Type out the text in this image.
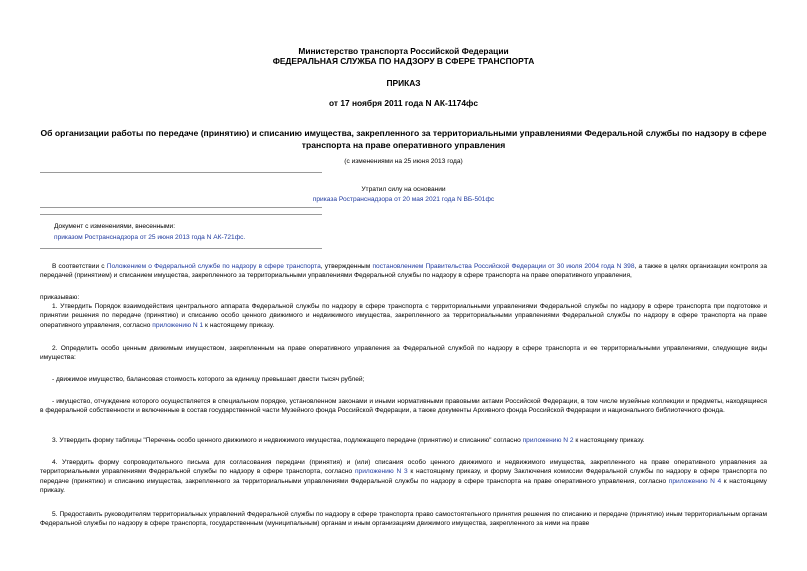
Министерство транспорта Российской Федерации
ФЕДЕРАЛЬНАЯ СЛУЖБА ПО НАДЗОРУ В СФЕРЕ ТРАНСПОРТА
ПРИКАЗ
от 17 ноября 2011 года N АК-1174фс
Об организации работы по передаче (принятию) и списанию имущества, закрепленного за территориальными управлениями Федеральной службы по надзору в сфере транспорта на праве оперативного управления
(с изменениями на 25 июня 2013 года)
Утратил силу на основании
приказа Ространснадзора от 20 мая 2021 года N ВБ-501фс
Документ с изменениями, внесенными:
приказом Ространснадзора от 25 июня 2013 года N АК-721фс.
В соответствии с Положением о Федеральной службе по надзору в сфере транспорта, утвержденным постановлением Правительства Российской Федерации от 30 июля 2004 года N 398, а также в целях организации контроля за передачей (принятием) и списанием имущества, закрепленного за территориальными управлениями Федеральной службы по надзору в сфере транспорта на праве оперативного управления,
приказываю:
1. Утвердить Порядок взаимодействия центрального аппарата Федеральной службы по надзору в сфере транспорта с территориальными управлениями Федеральной службы по надзору в сфере транспорта при подготовке и принятии решения по передаче (принятию) и списанию особо ценного движимого и недвижимого имущества, закрепленного за территориальными управлениями Федеральной службы по надзору в сфере транспорта на праве оперативного управления, согласно приложению N 1 к настоящему приказу.
2. Определить особо ценным движимым имуществом, закрепленным на праве оперативного управления за Федеральной службой по надзору в сфере транспорта и ее территориальными управлениями, следующие виды имущества:
- движимое имущество, балансовая стоимость которого за единицу превышает двести тысяч рублей;
- имущество, отчуждение которого осуществляется в специальном порядке, установленном законами и иными нормативными правовыми актами Российской Федерации, в том числе музейные коллекции и предметы, находящиеся в федеральной собственности и включенные в состав государственной части Музейного фонда Российской Федерации, а также документы Архивного фонда Российской Федерации и национального библиотечного фонда.
3. Утвердить форму таблицы "Перечень особо ценного движимого и недвижимого имущества, подлежащего передаче (принятию) и списанию" согласно приложению N 2 к настоящему приказу.
4. Утвердить форму сопроводительного письма для согласования передачи (принятия) и (или) списания особо ценного движимого и недвижимого имущества, закрепленного на праве оперативного управления за территориальными управлениями Федеральной службы по надзору в сфере транспорта, согласно приложению N 3 к настоящему приказу, и форму Заключения комиссии Федеральной службы по надзору в сфере транспорта по передаче (принятию) и списанию имущества, закрепленного за территориальными управлениями Федеральной службы по надзору в сфере транспорта на праве оперативного управления, согласно приложению N 4 к настоящему приказу.
5. Предоставить руководителям территориальных управлений Федеральной службы по надзору в сфере транспорта право самостоятельного принятия решения по списанию и передаче (принятию) иным территориальным органам Федеральной службы по надзору в сфере транспорта, государственным (муниципальным) органам и иным организациям движимого имущества, закрепленного за ними на праве
